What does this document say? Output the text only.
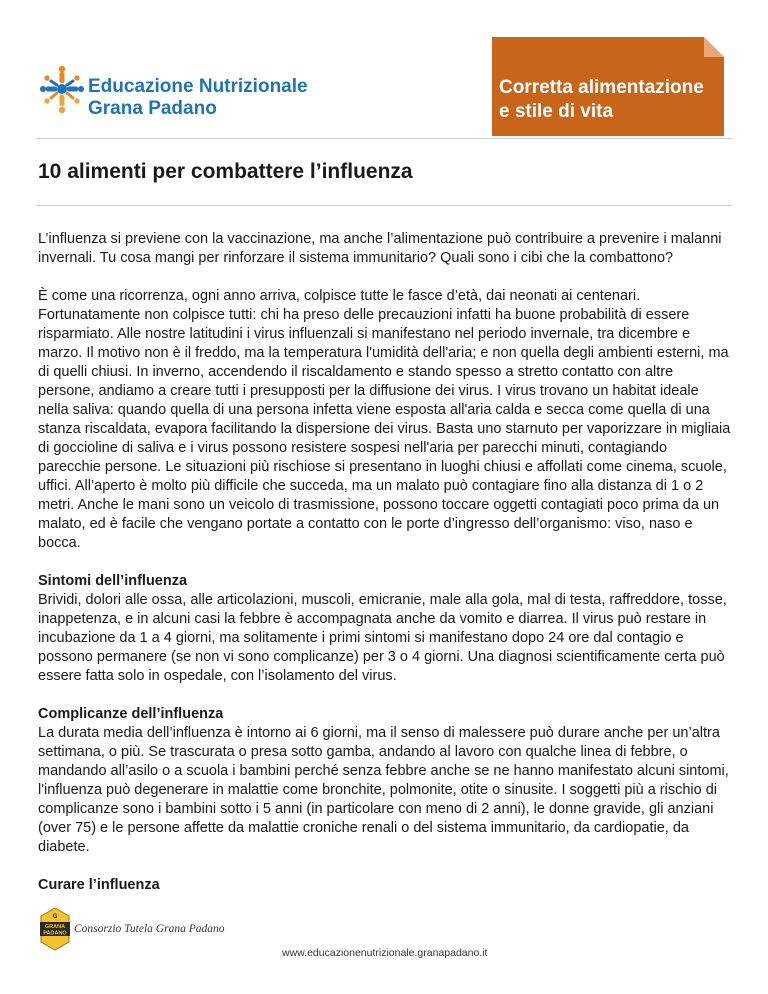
Educazione Nutrizionale
Grana Padano
Corretta alimentazione
e stile di vita
10 alimenti per combattere l’influenza

L’influenza si previene con la vaccinazione, ma anche l’alimentazione può contribuire a prevenire i malanni invernali. Tu cosa mangi per rinforzare il sistema immunitario? Quali sono i cibi che la combattono?

È come una ricorrenza, ogni anno arriva, colpisce tutte le fasce d’età, dai neonati ai centenari. Fortunatamente non colpisce tutti: chi ha preso delle precauzioni infatti ha buone probabilità di essere risparmiato. Alle nostre latitudini i virus influenzali si manifestano nel periodo invernale, tra dicembre e marzo. Il motivo non è il freddo, ma la temperatura l'umidità dell'aria; e non quella degli ambienti esterni, ma di quelli chiusi. In inverno, accendendo il riscaldamento e stando spesso a stretto contatto con altre persone, andiamo a creare tutti i presupposti per la diffusione dei virus. I virus trovano un habitat ideale nella saliva: quando quella di una persona infetta viene esposta all'aria calda e secca come quella di una stanza riscaldata, evapora facilitando la dispersione dei virus. Basta uno starnuto per vaporizzare in migliaia di goccioline di saliva e i virus possono resistere sospesi nell'aria per parecchi minuti, contagiando parecchie persone. Le situazioni più rischiose si presentano in luoghi chiusi e affollati come cinema, scuole, uffici. All’aperto è molto più difficile che succeda, ma un malato può contagiare fino alla distanza di 1 o 2 metri. Anche le mani sono un veicolo di trasmissione, possono toccare oggetti contagiati poco prima da un malato, ed è facile che vengano portate a contatto con le porte d’ingresso dell’organismo: viso, naso e bocca.

Sintomi dell’influenza

Brividi, dolori alle ossa, alle articolazioni, muscoli, emicranie, male alla gola, mal di testa, raffreddore, tosse, inappetenza, e in alcuni casi la febbre è accompagnata anche da vomito e diarrea. Il virus può restare in incubazione da 1 a 4 giorni, ma solitamente i primi sintomi si manifestano dopo 24 ore dal contagio e possono permanere (se non vi sono complicanze) per 3 o 4 giorni. Una diagnosi scientificamente certa può essere fatta solo in ospedale, con l’isolamento del virus.

Complicanze dell’influenza

La durata media dell’influenza è intorno ai 6 giorni, ma il senso di malessere può durare anche per un’altra settimana, o più. Se trascurata o presa sotto gamba, andando al lavoro con qualche linea di febbre, o mandando all’asilo o a scuola i bambini perché senza febbre anche se ne hanno manifestato alcuni sintomi, l'influenza può degenerare in malattie come bronchite, polmonite, otite o sinusite. I soggetti più a rischio di complicanze sono i bambini sotto i 5 anni (in particolare con meno di 2 anni), le donne gravide, gli anziani (over 75) e le persone affette da malattie croniche renali o del sistema immunitario, da cardiopatie, da diabete.

Curare l’influenza
GRANA
PADANO
G
Consorzio Tutela Grana Padano
www.educazionenutrizionale.granapadano.it
